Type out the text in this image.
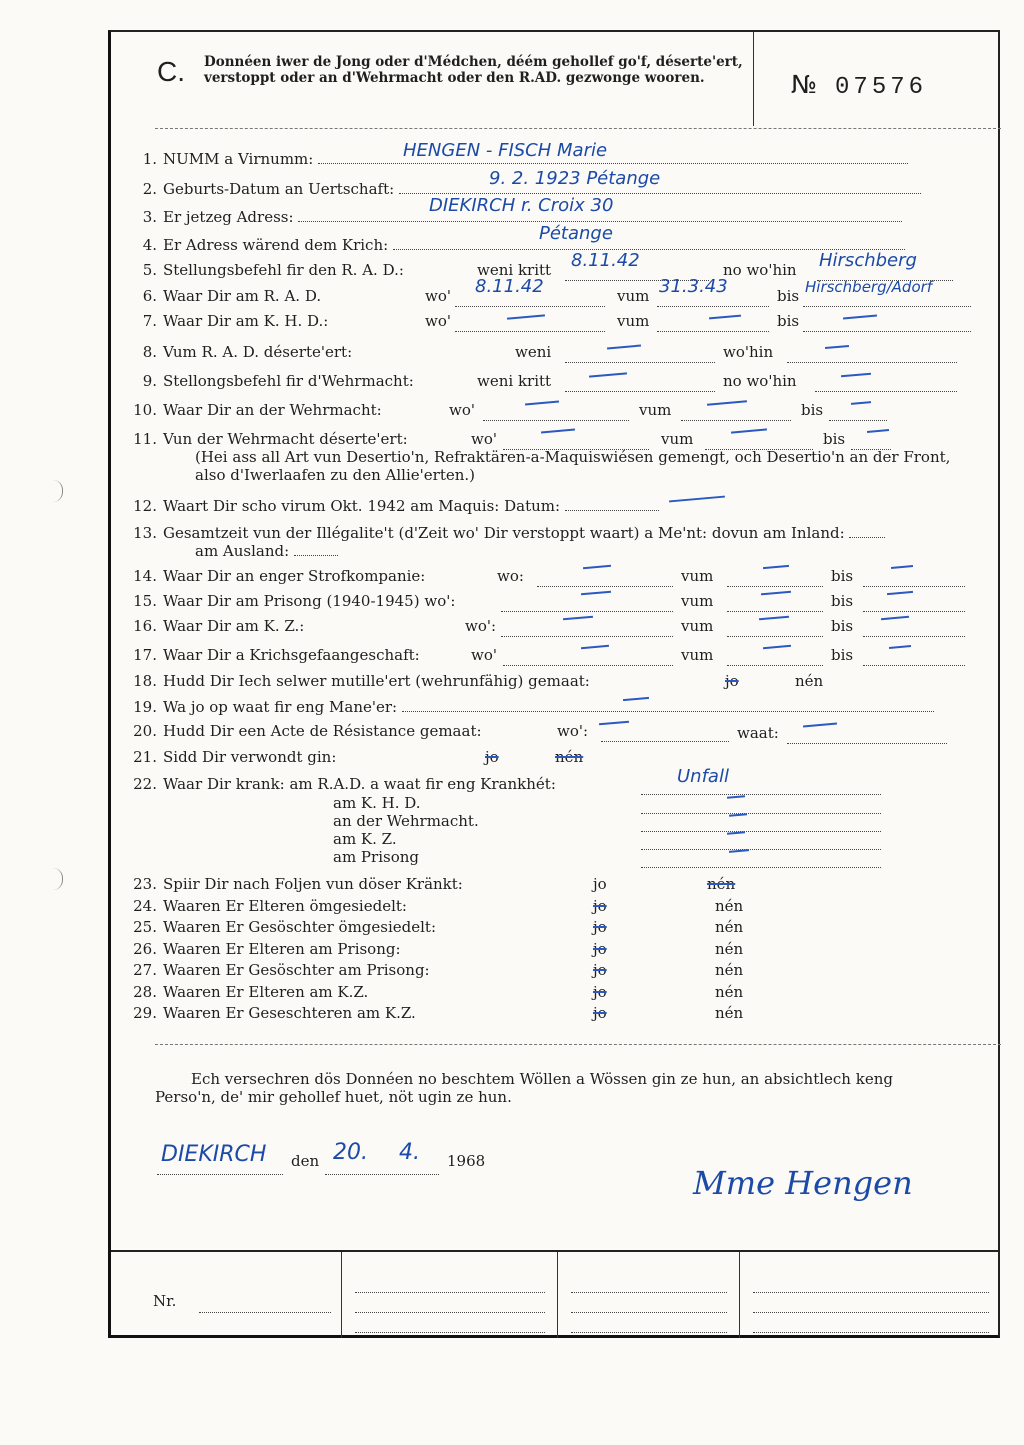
C. Donnéen iwer de Jong oder d'Médchen, déém gehollef go'f, déserte'ert, verstoppt oder an d'Wehrmacht oder den R.AD. gezwonge wooren.	№ 07576
1. NUMM a Virnumm:	HENGEN - FISCH Marie
2. Geburts-Datum an Uertschaft:	9. 2. 1923 Pétange
3. Er jetzeg Adress:
DIEKIRCH r. Croix 30
4. Er Adress wärend dem Krich:
Pétange
5. Stellungsbefehl fir den R. A. D.:	weni kritt 8.11.42	no wo'hin Hirschberg
6. Waar Dir am R. A. D.	wo' 8.11.42	vum 31.3.43	bis Hirschberg/Adorf
7. Waar Dir am K. H. D.:	wo'	vum	bis
8. Vum R. A. D. déserte'ert:	weni	wo'hin
9. Stellongsbefehl fir d'Wehrmacht:	weni kritt	no wo'hin
10. Waar Dir an der Wehrmacht:	wo'	vum	bis
11. Vun der Wehrmacht déserte'ert:	wo'	vum	bis
(Hei ass all Art vun Desertio'n, Refraktären-a-Maquiswiésen gemengt, och Desertio'n an der Front, also d'Iwerlaafen zu den Allie'erten.)
12. Waart Dir scho virum Okt. 1942 am Maquis: Datum:
13. Gesamtzeit vun der Illégalite't (d'Zeit wo' Dir verstoppt waart) a Me'nt: dovun am Inland:
am Ausland:
14. Waar Dir an enger Strofkompanie:	wo:	vum	bis
15. Waar Dir am Prisong (1940-1945) wo':	vum	bis
16. Waar Dir am K. Z.:	wo':	vum	bis
17. Waar Dir a Krichsgefaangeschaft:	wo'	vum	bis
18. Hudd Dir Iech selwer mutille'ert (wehrunfähig) gemaat:	jo	nén
19. Wa jo op waat fir eng Mane'er:
20. Hudd Dir een Acte de Résistance gemaat:	wo':	waat:
21. Sidd Dir verwondt gin:	jo	nén
22. Waar Dir krank: am R.A.D. a waat fir eng Krankhét:	Unfall
am K. H. D.
an der Wehrmacht.
am K. Z.
am Prisong
23. Spiir Dir nach Foljen vun döser Kränkt:	jo	nén
24. Waaren Er Elteren ömgesiedelt:	jo	nén
25. Waaren Er Gesöschter ömgesiedelt:	jo	nén
26. Waaren Er Elteren am Prisong:	jo	nén
27. Waaren Er Gesöschter am Prisong:	jo	nén
28. Waaren Er Elteren am K.Z.	jo	nén
29. Waaren Er Geseschteren am K.Z.	jo	nén
Ech versechren dös Donnéen no beschtem Wöllen a Wössen gin ze hun, an absichtlech keng Perso'n, de' mir gehollef huet, nöt ugin ze hun.
DIEKIRCH den 20. 4. 1968
Mme Hengen
Nr.
